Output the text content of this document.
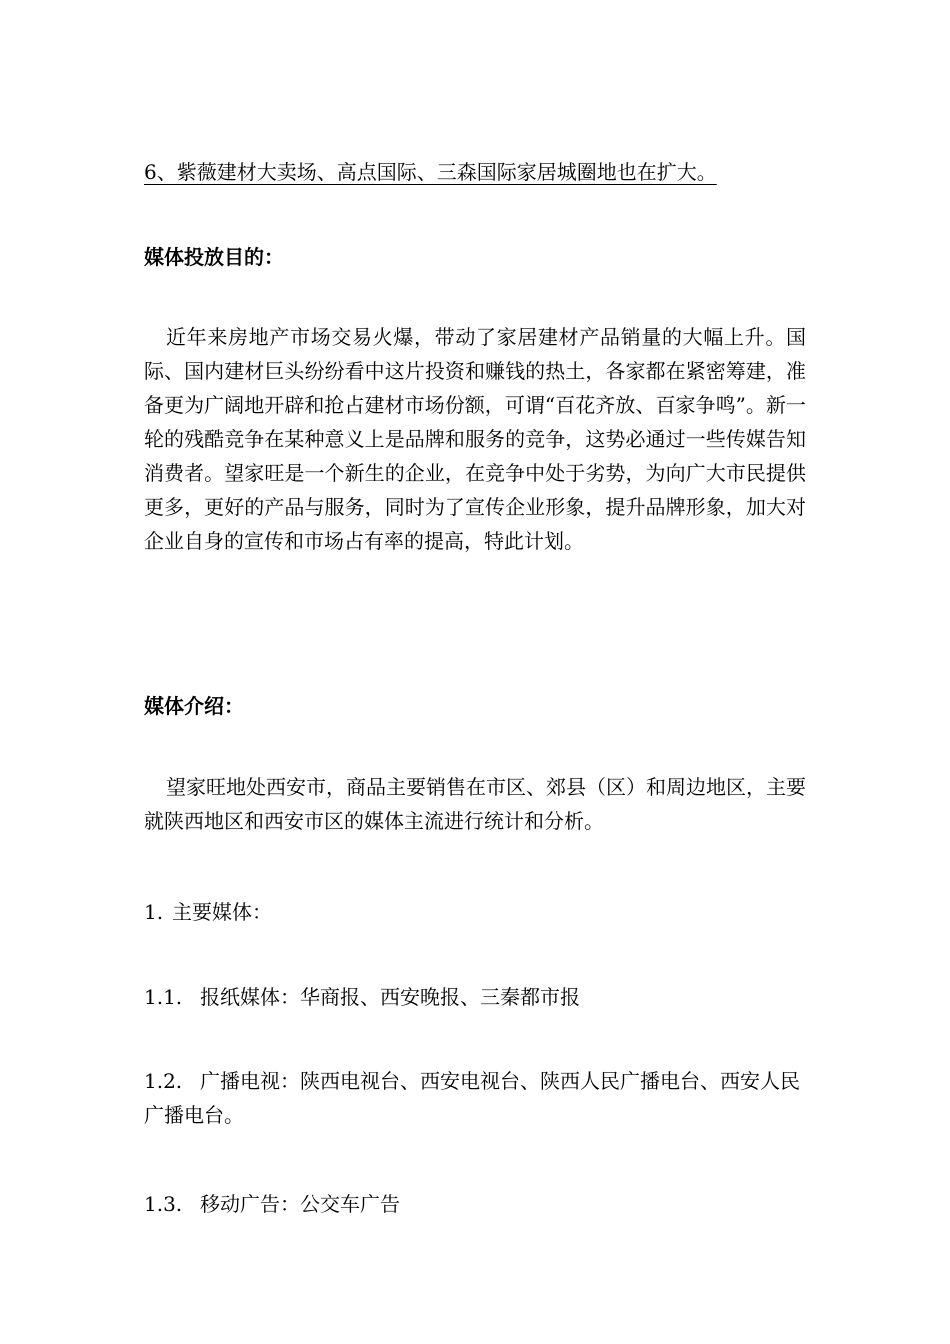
6、紫薇建材大卖场、高点国际、三森国际家居城圈地也在扩大。

媒体投放目的：

近年来房地产市场交易火爆，带动了家居建材产品销量的大幅上升。国际、国内建材巨头纷纷看中这片投资和赚钱的热土，各家都在紧密筹建，准备更为广阔地开辟和抢占建材市场份额，可谓“百花齐放、百家争鸣”。新一轮的残酷竞争在某种意义上是品牌和服务的竞争，这势必通过一些传媒告知消费者。望家旺是一个新生的企业，在竞争中处于劣势，为向广大市民提供更多，更好的产品与服务，同时为了宣传企业形象，提升品牌形象，加大对企业自身的宣传和市场占有率的提高，特此计划。

媒体介绍：

望家旺地处西安市，商品主要销售在市区、郊县（区）和周边地区，主要就陕西地区和西安市区的媒体主流进行统计和分析。

1. 主要媒体：

1.1. 报纸媒体：华商报、西安晚报、三秦都市报

1.2. 广播电视：陕西电视台、西安电视台、陕西人民广播电台、西安人民广播电台。

1.3. 移动广告：公交车广告
